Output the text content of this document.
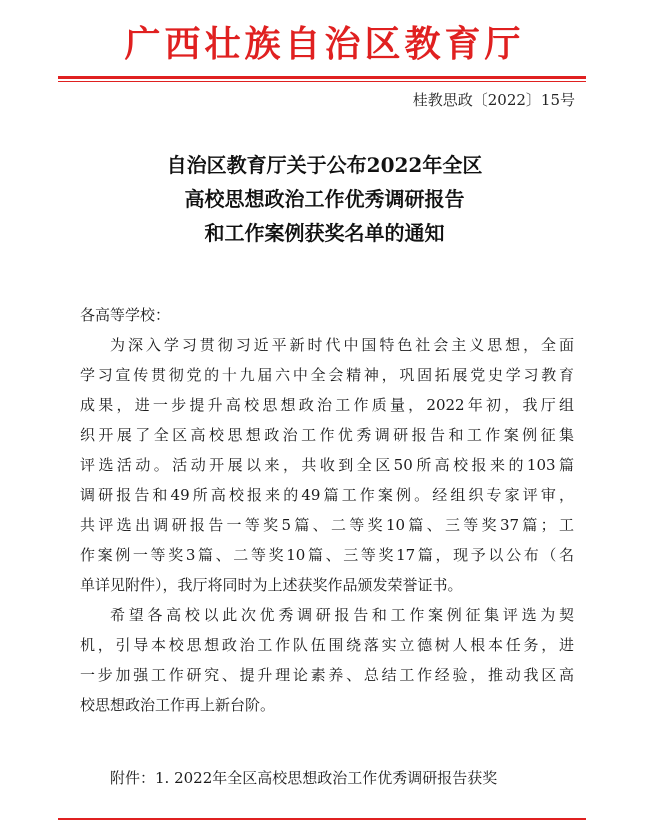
广西壮族自治区教育厅
桂教思政〔2022〕15号
自治区教育厅关于公布2022年全区
高校思想政治工作优秀调研报告
和工作案例获奖名单的通知

各高等学校：

为深入学习贯彻习近平新时代中国特色社会主义思想，全面
学习宣传贯彻党的十九届六中全会精神，巩固拓展党史学习教育
成果，进一步提升高校思想政治工作质量，2022年初，我厅组
织开展了全区高校思想政治工作优秀调研报告和工作案例征集
评选活动。活动开展以来，共收到全区50所高校报来的103篇
调研报告和49所高校报来的49篇工作案例。经组织专家评审，
共评选出调研报告一等奖5篇、二等奖10篇、三等奖37篇；工
作案例一等奖3篇、二等奖10篇、三等奖17篇，现予以公布（名
单详见附件），我厅将同时为上述获奖作品颁发荣誉证书。

希望各高校以此次优秀调研报告和工作案例征集评选为契
机，引导本校思想政治工作队伍围绕落实立德树人根本任务，进
一步加强工作研究、提升理论素养、总结工作经验，推动我区高
校思想政治工作再上新台阶。

附件：1. 2022年全区高校思想政治工作优秀调研报告获奖
